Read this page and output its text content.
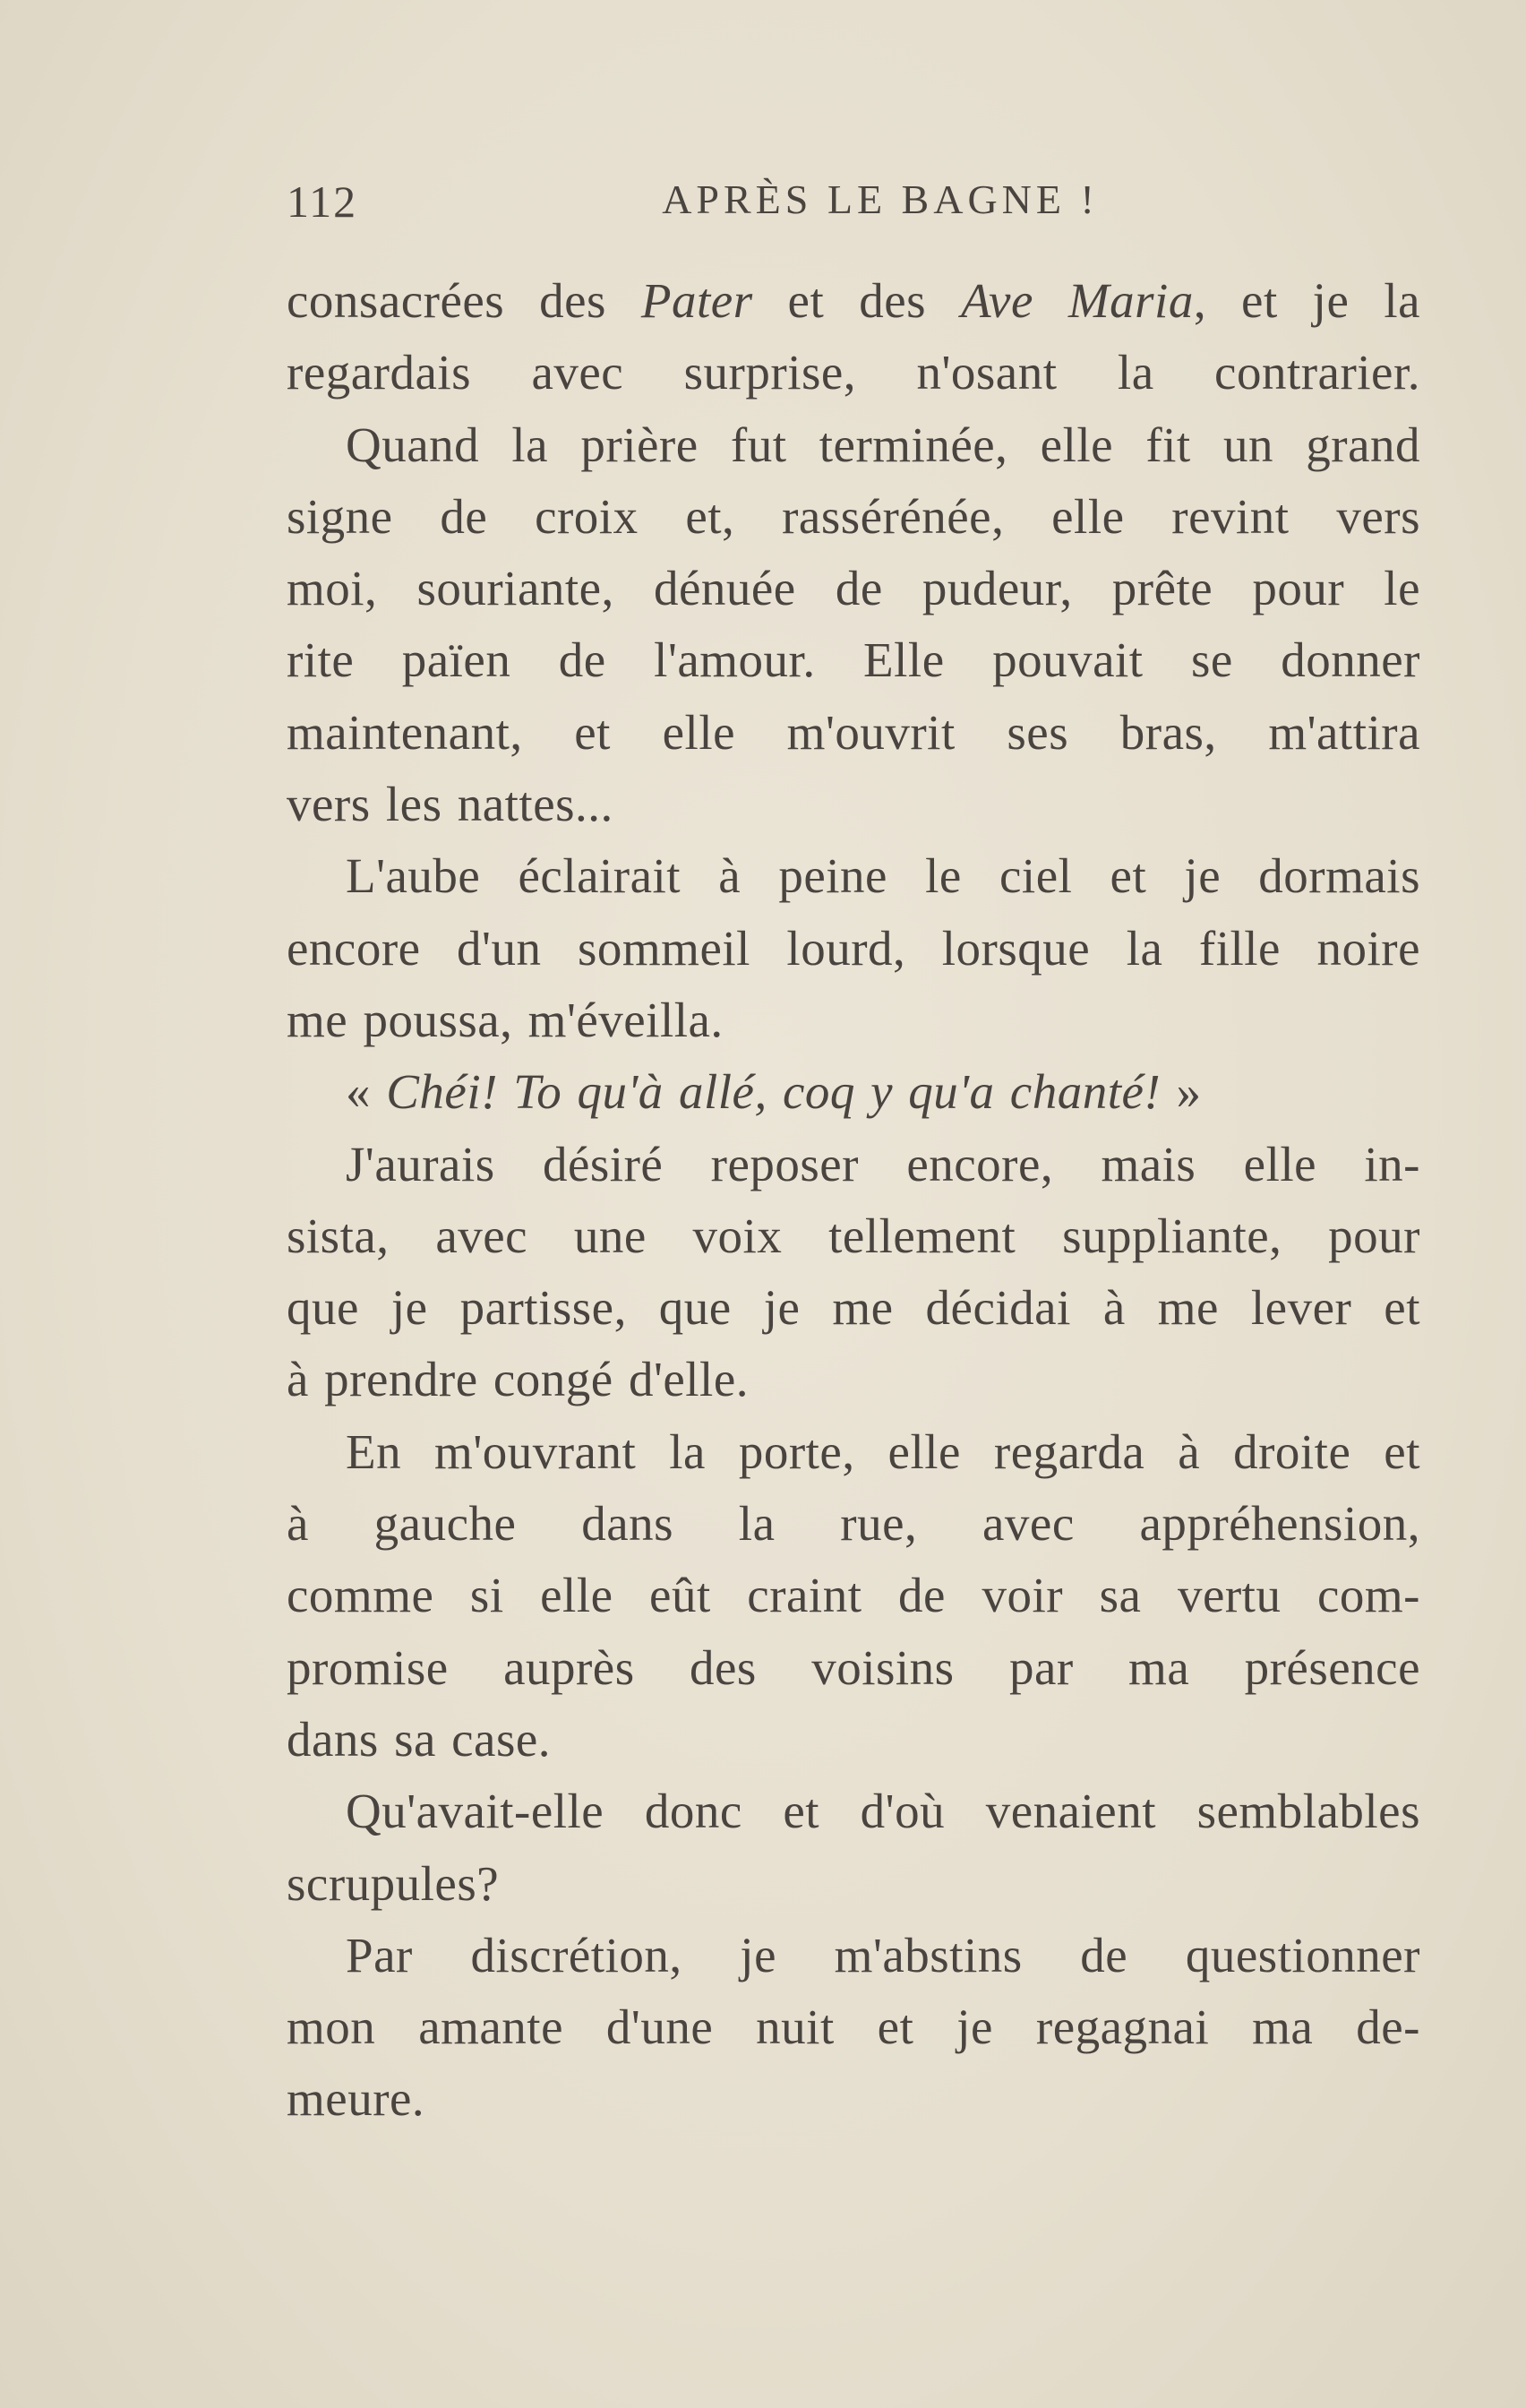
112	APRÈS LE BAGNE !
consacrées des Pater et des Ave Maria, et je la
regardais avec surprise, n'osant la contrarier.
Quand la prière fut terminée, elle fit un grand
signe de croix et, rassérénée, elle revint vers
moi, souriante, dénuée de pudeur, prête pour le
rite païen de l'amour. Elle pouvait se donner
maintenant, et elle m'ouvrit ses bras, m'attira
vers les nattes...
L'aube éclairait à peine le ciel et je dormais
encore d'un sommeil lourd, lorsque la fille noire
me poussa, m'éveilla.
« Chéi! To qu'à allé, coq y qu'a chanté! »
J'aurais désiré reposer encore, mais elle in-
sista, avec une voix tellement suppliante, pour
que je partisse, que je me décidai à me lever et
à prendre congé d'elle.
En m'ouvrant la porte, elle regarda à droite et
à gauche dans la rue, avec appréhension,
comme si elle eût craint de voir sa vertu com-
promise auprès des voisins par ma présence
dans sa case.
Qu'avait-elle donc et d'où venaient semblables
scrupules?
Par discrétion, je m'abstins de questionner
mon amante d'une nuit et je regagnai ma de-
meure.
